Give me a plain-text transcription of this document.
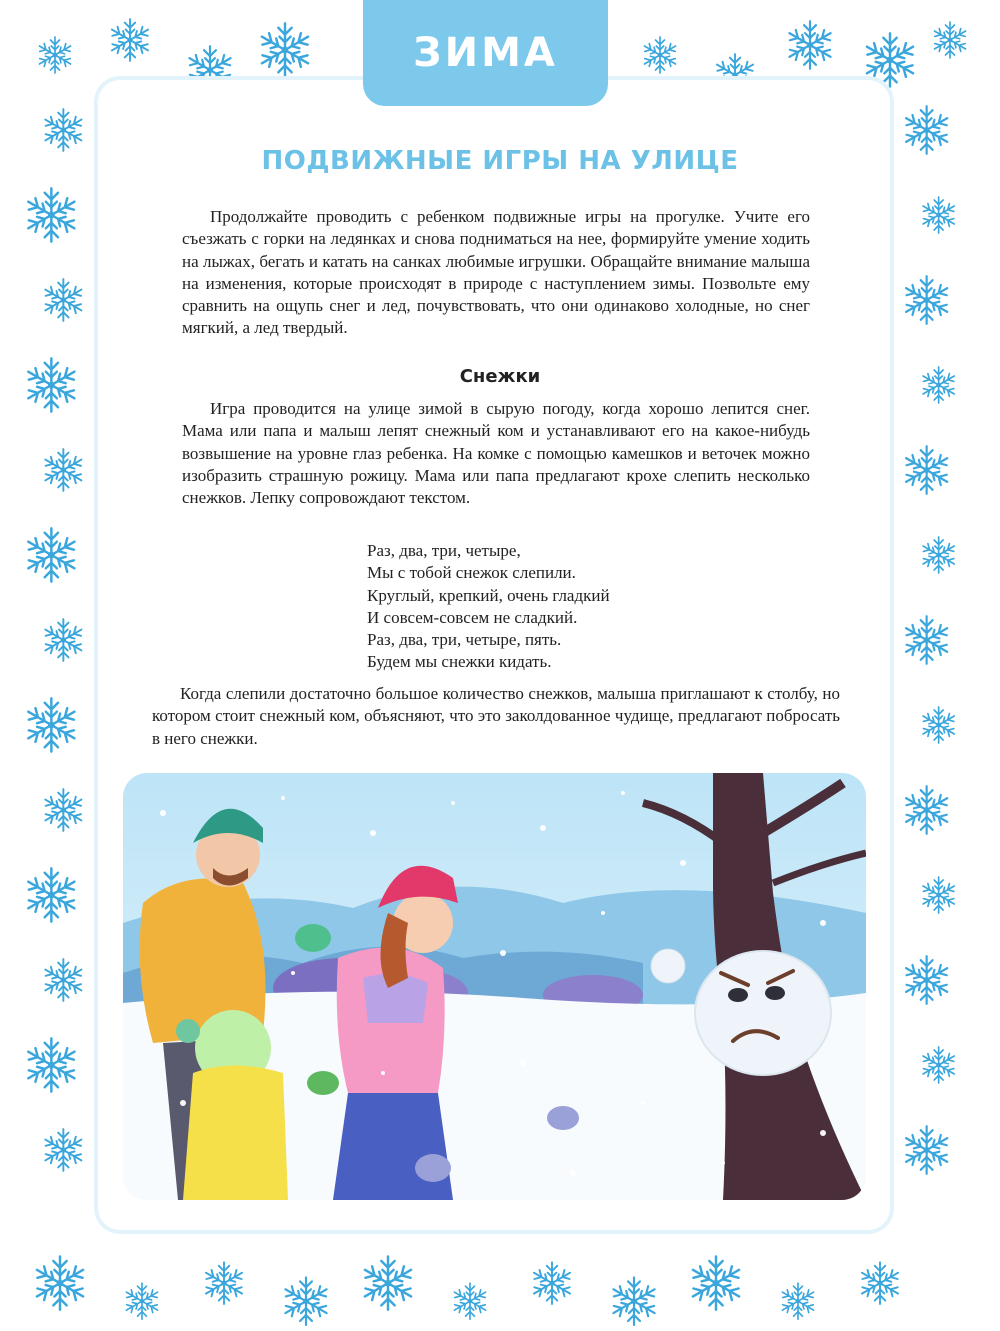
ЗИМА
ПОДВИЖНЫЕ ИГРЫ НА УЛИЦЕ

Продолжайте проводить с ребенком подвижные игры на прогулке. Учите его съезжать с горки на ледянках и снова подниматься на нее, формируйте умение ходить на лыжах, бегать и катать на санках любимые игрушки. Обращайте внимание малыша на изменения, которые происходят в природе с наступлением зимы. Позвольте ему сравнить на ощупь снег и лед, почувствовать, что они одинаково холодные, но снег мягкий, а лед твердый.

Снежки

Игра проводится на улице зимой в сырую погоду, когда хорошо лепится снег. Мама или папа и малыш лепят снежный ком и устанавливают его на какое-нибудь возвышение на уровне глаз ребенка. На комке с помощью камешков и веточек можно изобразить страшную рожицу. Мама или папа предлагают крохе слепить несколько снежков. Лепку сопровождают текстом.

Раз, два, три, четыре,
Мы с тобой снежок слепили.
Круглый, крепкий, очень гладкий
И совсем-совсем не сладкий.
Раз, два, три, четыре, пять.
Будем мы снежки кидать.

Когда слепили достаточно большое количество снежков, малыша приглашают к столбу, но котором стоит снежный ком, объясняют, что это заколдованное чудище, предлагают побросать в него снежки.
